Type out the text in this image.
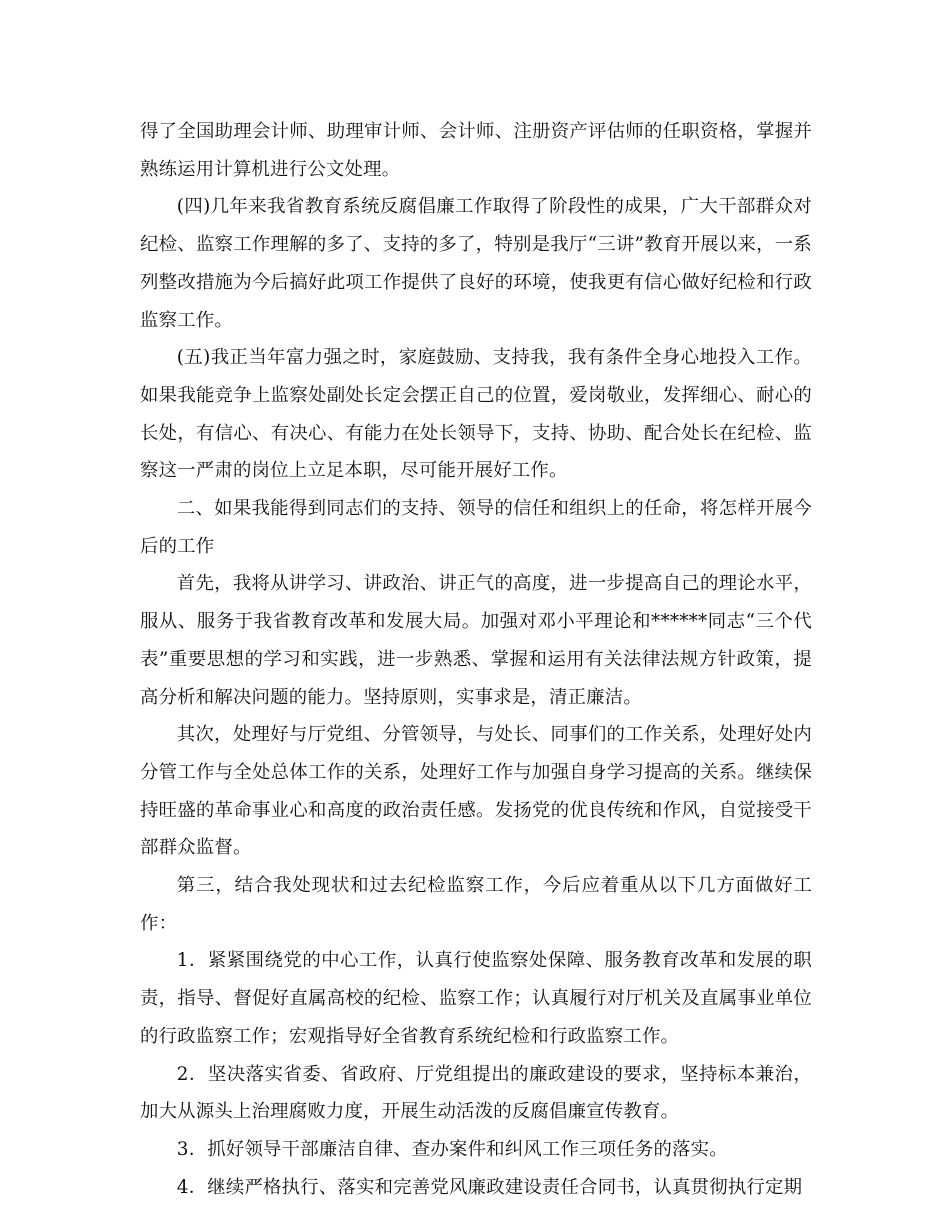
得了全国助理会计师、助理审计师、会计师、注册资产评估师的任职资格，掌握并熟练运用计算机进行公文处理。

(四)几年来我省教育系统反腐倡廉工作取得了阶段性的成果，广大干部群众对纪检、监察工作理解的多了、支持的多了，特别是我厅“三讲”教育开展以来，一系列整改措施为今后搞好此项工作提供了良好的环境，使我更有信心做好纪检和行政监察工作。

(五)我正当年富力强之时，家庭鼓励、支持我，我有条件全身心地投入工作。如果我能竞争上监察处副处长定会摆正自己的位置，爱岗敬业，发挥细心、耐心的长处，有信心、有决心、有能力在处长领导下，支持、协助、配合处长在纪检、监察这一严肃的岗位上立足本职，尽可能开展好工作。

二、如果我能得到同志们的支持、领导的信任和组织上的任命，将怎样开展今后的工作

首先，我将从讲学习、讲政治、讲正气的高度，进一步提高自己的理论水平，服从、服务于我省教育改革和发展大局。加强对邓小平理论和******同志“三个代表”重要思想的学习和实践，进一步熟悉、掌握和运用有关法律法规方针政策，提高分析和解决问题的能力。坚持原则，实事求是，清正廉洁。

其次，处理好与厅党组、分管领导，与处长、同事们的工作关系，处理好处内分管工作与全处总体工作的关系，处理好工作与加强自身学习提高的关系。继续保持旺盛的革命事业心和高度的政治责任感。发扬党的优良传统和作风，自觉接受干部群众监督。

第三，结合我处现状和过去纪检监察工作，今后应着重从以下几方面做好工作：

1．紧紧围绕党的中心工作，认真行使监察处保障、服务教育改革和发展的职责，指导、督促好直属高校的纪检、监察工作；认真履行对厅机关及直属事业单位的行政监察工作；宏观指导好全省教育系统纪检和行政监察工作。

2．坚决落实省委、省政府、厅党组提出的廉政建设的要求，坚持标本兼治，加大从源头上治理腐败力度，开展生动活泼的反腐倡廉宣传教育。

3．抓好领导干部廉洁自律、查办案件和纠风工作三项任务的落实。

4．继续严格执行、落实和完善党风廉政建设责任合同书，认真贯彻执行定期
